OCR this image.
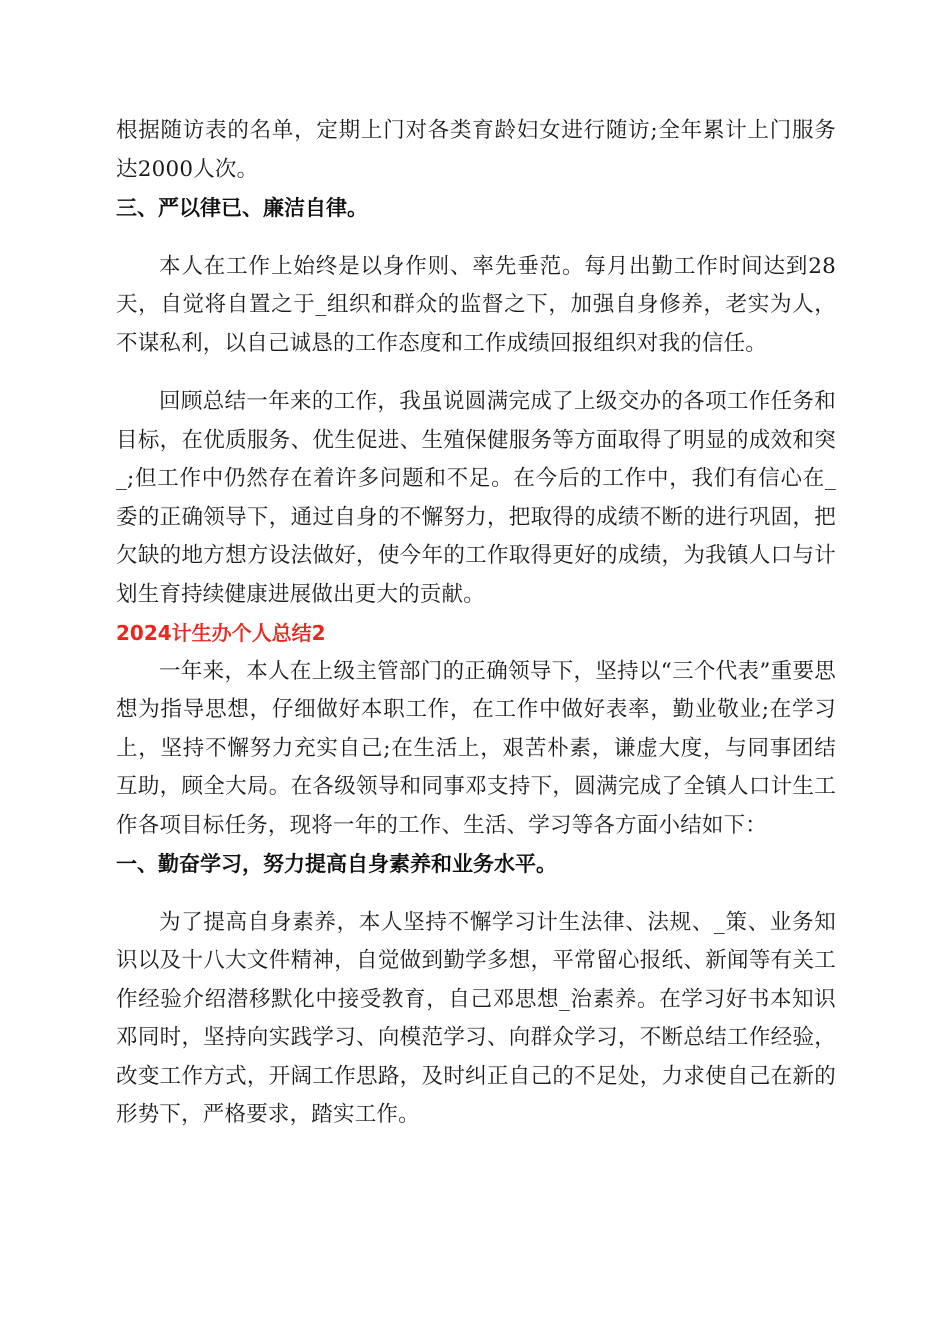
根据随访表的名单，定期上门对各类育龄妇女进行随访;全年累计上门服务达2000人次。

三、严以律已、廉洁自律。

本人在工作上始终是以身作则、率先垂范。每月出勤工作时间达到28天，自觉将自置之于_组织和群众的监督之下，加强自身修养，老实为人，不谋私利，以自己诚恳的工作态度和工作成绩回报组织对我的信任。

回顾总结一年来的工作，我虽说圆满完成了上级交办的各项工作任务和目标，在优质服务、优生促进、生殖保健服务等方面取得了明显的成效和突_;但工作中仍然存在着许多问题和不足。在今后的工作中，我们有信心在_委的正确领导下，通过自身的不懈努力，把取得的成绩不断的进行巩固，把欠缺的地方想方设法做好，使今年的工作取得更好的成绩，为我镇人口与计划生育持续健康进展做出更大的贡献。

2024计生办个人总结2

一年来，本人在上级主管部门的正确领导下，坚持以“三个代表”重要思想为指导思想，仔细做好本职工作，在工作中做好表率，勤业敬业;在学习上，坚持不懈努力充实自己;在生活上，艰苦朴素，谦虚大度，与同事团结互助，顾全大局。在各级领导和同事邓支持下，圆满完成了全镇人口计生工作各项目标任务，现将一年的工作、生活、学习等各方面小结如下：

一、勤奋学习，努力提高自身素养和业务水平。

为了提高自身素养，本人坚持不懈学习计生法律、法规、_策、业务知识以及十八大文件精神，自觉做到勤学多想，平常留心报纸、新闻等有关工作经验介绍潜移默化中接受教育，自己邓思想_治素养。在学习好书本知识邓同时，坚持向实践学习、向模范学习、向群众学习，不断总结工作经验，改变工作方式，开阔工作思路，及时纠正自己的不足处，力求使自己在新的形势下，严格要求，踏实工作。
